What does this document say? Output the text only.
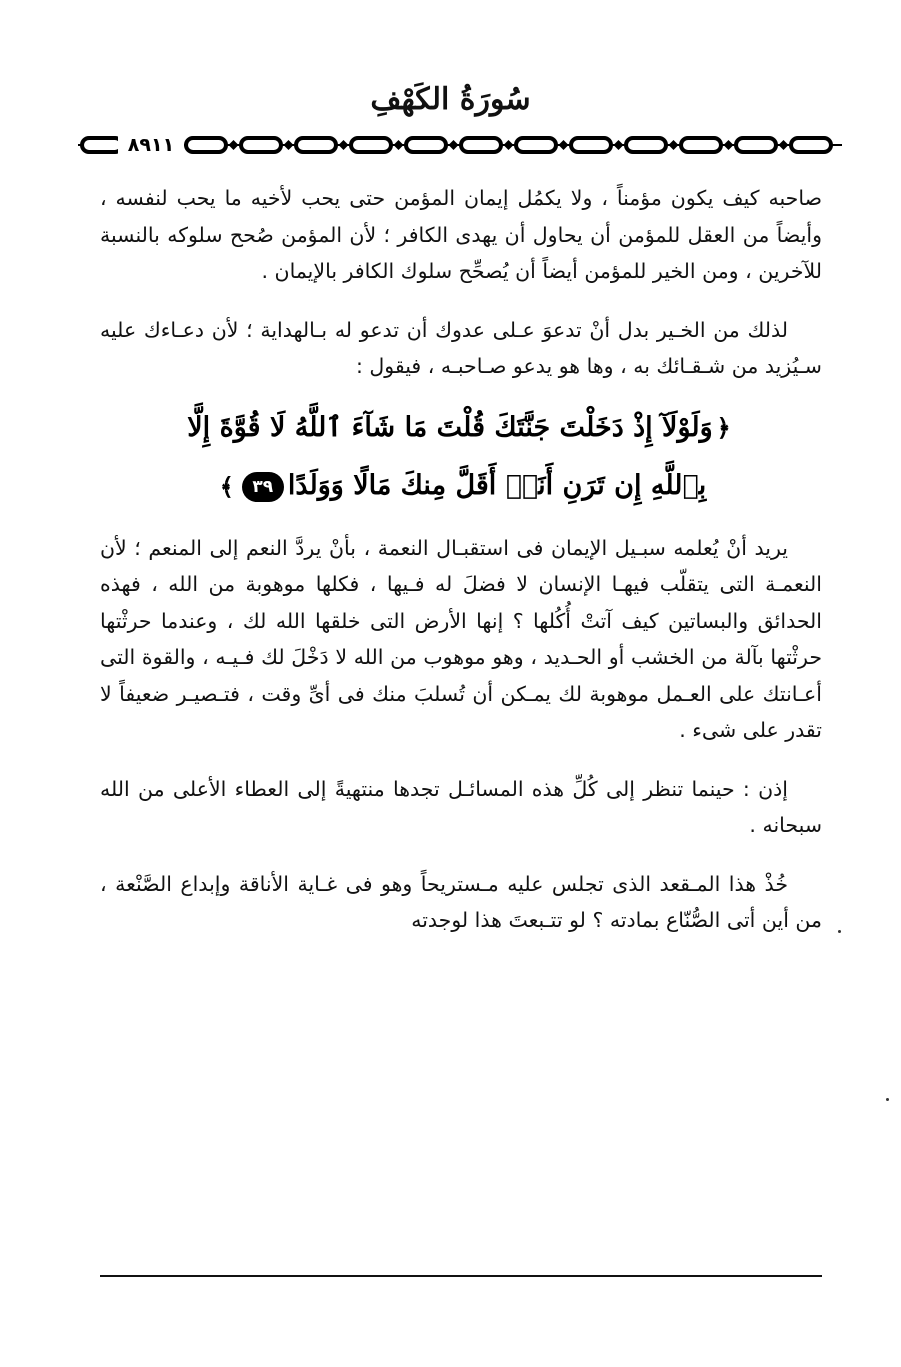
سُورَةُ الكَهْفِ
٨٩١١

صاحبه كيف يكون مؤمناً ، ولا يكمُل إيمان المؤمن حتى يحب لأخيه ما يحب لنفسه ، وأيضاً من العقل للمؤمن أن يحاول أن يهدى الكافر ؛ لأن المؤمن صُحح سلوكه بالنسبة للآخرين ، ومن الخير للمؤمن أيضاً أن يُصحِّح سلوك الكافر بالإيمان .

لذلك من الخـير بدل أنْ تدعوَ عـلى عدوك أن تدعو له بـالهداية ؛ لأن دعـاءك عليه سـيُزيد من شـقـائك به ، وها هو يدعو صـاحبـه ، فيقول :

﴿وَلَوْلَآ إِذْ دَخَلْتَ جَنَّتَكَ قُلْتَ مَا شَآءَ ٱللَّهُ لَا قُوَّةَ إِلَّا
بِٱللَّهِ إِن تَرَنِ أَنَا۠ أَقَلَّ مِنكَ مَالًا وَوَلَدًا٣٩﴾

يريد أنْ يُعلمه سبـيل الإيمان فى استقبـال النعمة ، بأنْ يردَّ النعم إلى المنعم ؛ لأن النعمـة التى يتقلّب فيهـا الإنسان لا فضلَ له فـيها ، فكلها موهوبة من الله ، فهذه الحدائق والبساتين كيف آتتْ أُكُلها ؟ إنها الأرض التى خلقها الله لك ، وعندما حرثْتها حرثْتها بآلة من الخشب أو الحـديد ، وهو موهوب من الله لا دَخْلَ لك فـيـه ، والقوة التى أعـانتك على العـمل موهوبة لك يمـكن أن تُسلبَ منك فى أىِّ وقت ، فتـصيـر ضعيفاً لا تقدر على شىء .

إذن : حينما تنظر إلى كُلِّ هذه المسائـل تجدها منتهيةً إلى العطاء الأعلى من الله سبحانه .

خُذْ هذا المـقعد الذى تجلس عليه مـستريحاً وهو فى غـاية الأناقة وإبداع الصَّنْعة ، من أين أتى الصُّنّاع بمادته ؟ لو تتـبعتَ هذا لوجدته
